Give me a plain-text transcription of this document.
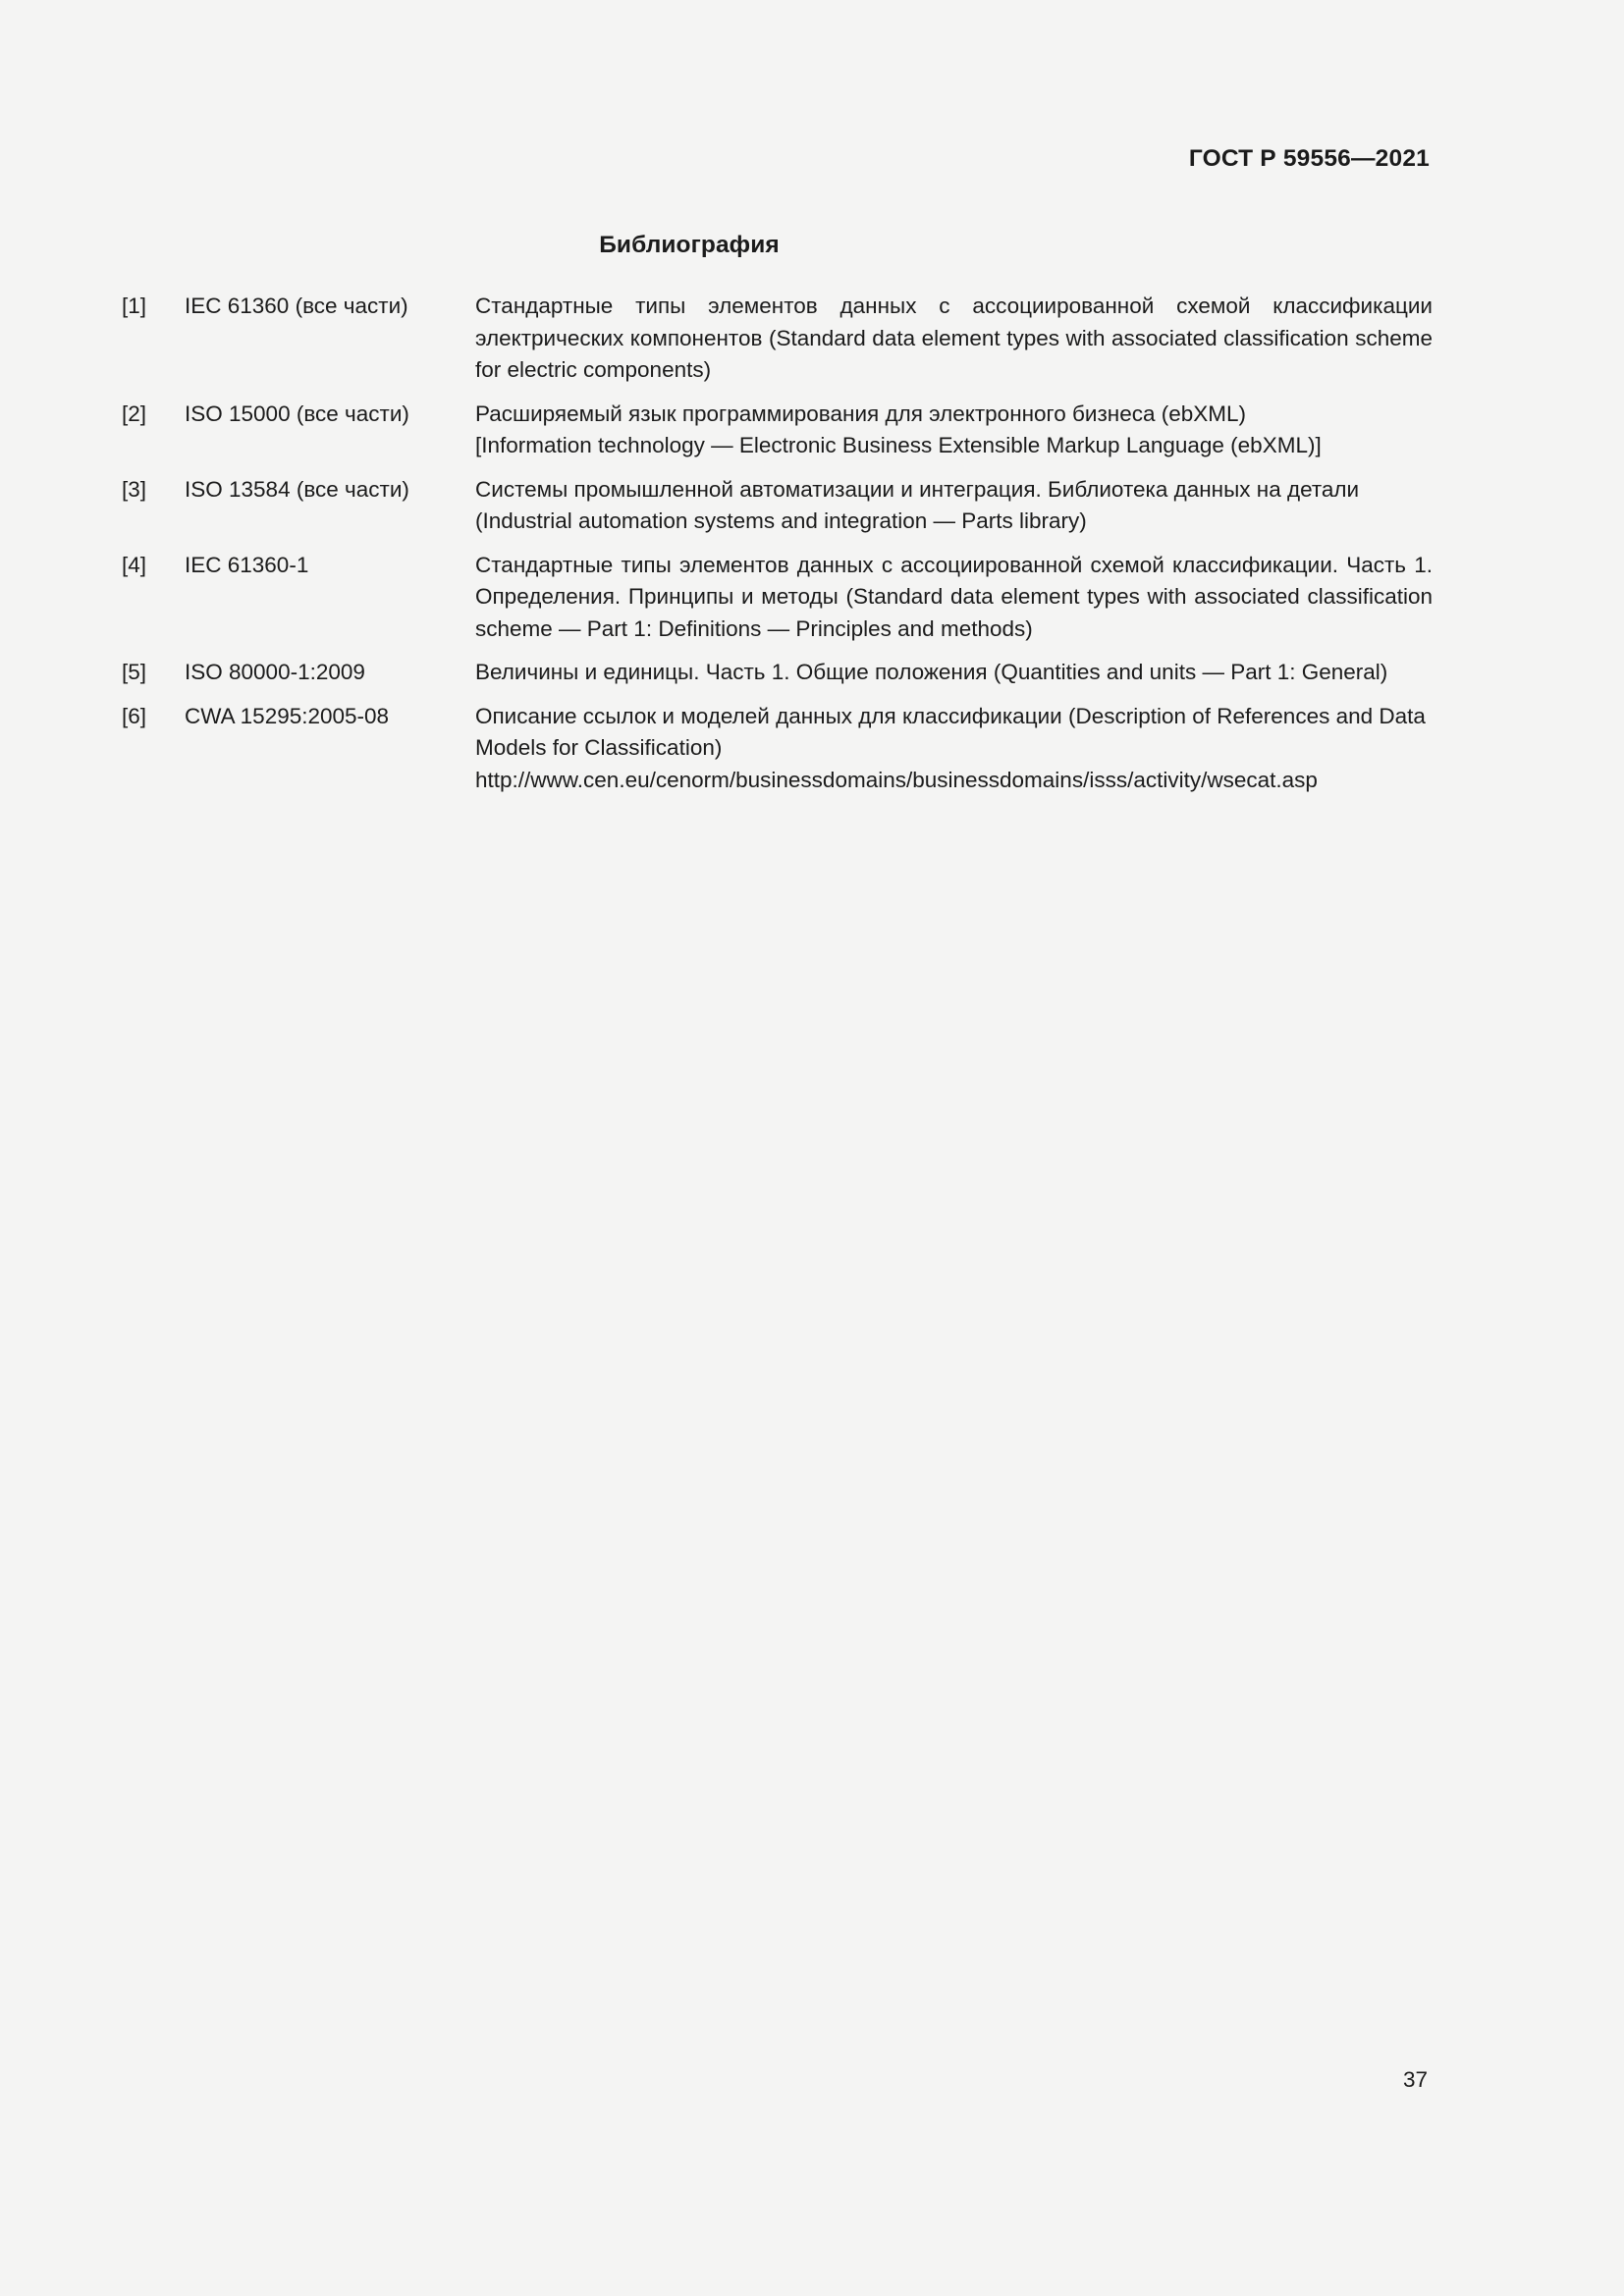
ГОСТ Р 59556—2021
Библиография
[1]	IEC 61360 (все части)	Стандартные типы элементов данных с ассоциированной схемой классификации электрических компонентов (Standard data element types with associated classification scheme for electric components)

[2]	ISO 15000 (все части)	Расширяемый язык программирования для электронного бизнеса (ebXML)

[Information technology — Electronic Business Extensible Markup Language (ebXML)]

[3]	ISO 13584 (все части)	Системы промышленной автоматизации и интеграция. Библиотека данных на детали (Industrial automation systems and integration — Parts library)

[4]	IEC 61360-1	Стандартные типы элементов данных с ассоциированной схемой классификации. Часть 1. Определения. Принципы и методы (Standard data element types with associated classification scheme — Part 1: Definitions — Principles and methods)

[5]	ISO 80000-1:2009	Величины и единицы. Часть 1. Общие положения (Quantities and units — Part 1: General)

[6]	CWA 15295:2005-08	Описание ссылок и моделей данных для классификации (Description of References and Data Models for Classification)

http://www.cen.eu/cenorm/businessdomains/businessdomains/isss/activity/wsecat.asp

37
